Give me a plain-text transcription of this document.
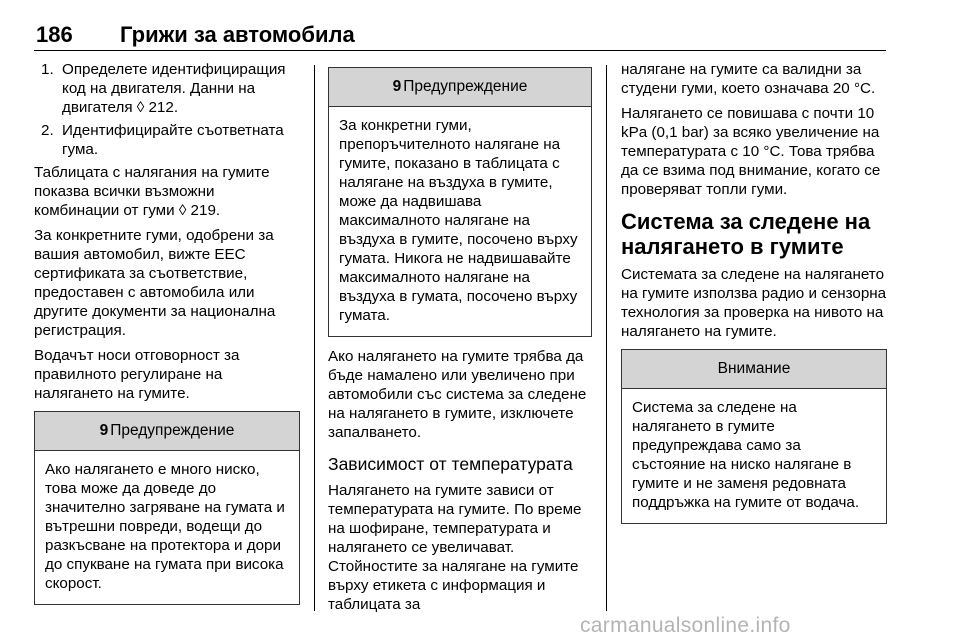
186 Грижи за автомобила
1. Определете идентифициращия код на двигателя. Данни на двигателя ◊ 212.
2. Идентифицирайте съответната гума.

Таблицата с налягания на гумите показва всички възможни комбинации от гуми ◊ 219.

За конкретните гуми, одобрени за вашия автомобил, вижте ЕЕС сертификата за съответствие, предоставен с автомобила или другите документи за национална регистрация.

Водачът носи отговорност за правилното регулиране на налягането на гумите.

9 Предупреждение
Ако налягането е много ниско, това може да доведе до значително загряване на гумата и вътрешни повреди, водещи до разкъсване на протектора и дори до спукване на гумата при висока скорост.
9 Предупреждение
За конкретни гуми, препоръчителното налягане на гумите, показано в таблицата с налягане на въздуха в гумите, може да надвишава максималното налягане на въздуха в гумите, посочено върху гумата. Никога не надвишавайте максималното налягане на въздуха в гумата, посочено върху гумата.

Ако налягането на гумите трябва да бъде намалено или увеличено при автомобили със система за следене на налягането в гумите, изключете запалването.

Зависимост от температурата

Налягането на гумите зависи от температурата на гумите. По време на шофиране, температурата и налягането се увеличават. Стойностите за налягане на гумите върху етикета с информация и таблицата за

налягане на гумите са валидни за студени гуми, което означава 20 °C.

Налягането се повишава с почти 10 kPa (0,1 bar) за всяко увеличение на температурата с 10 °C. Това трябва да се взима под внимание, когато се проверяват топли гуми.

Система за следене на налягането в гумите

Системата за следене на налягането на гумите използва радио и сензорна технология за проверка на нивото на налягането на гумите.

Внимание
Система за следене на налягането в гумите предупреждава само за състояние на ниско налягане в гумите и не заменя редовната поддръжка на гумите от водача.
carmanualsonline.info
